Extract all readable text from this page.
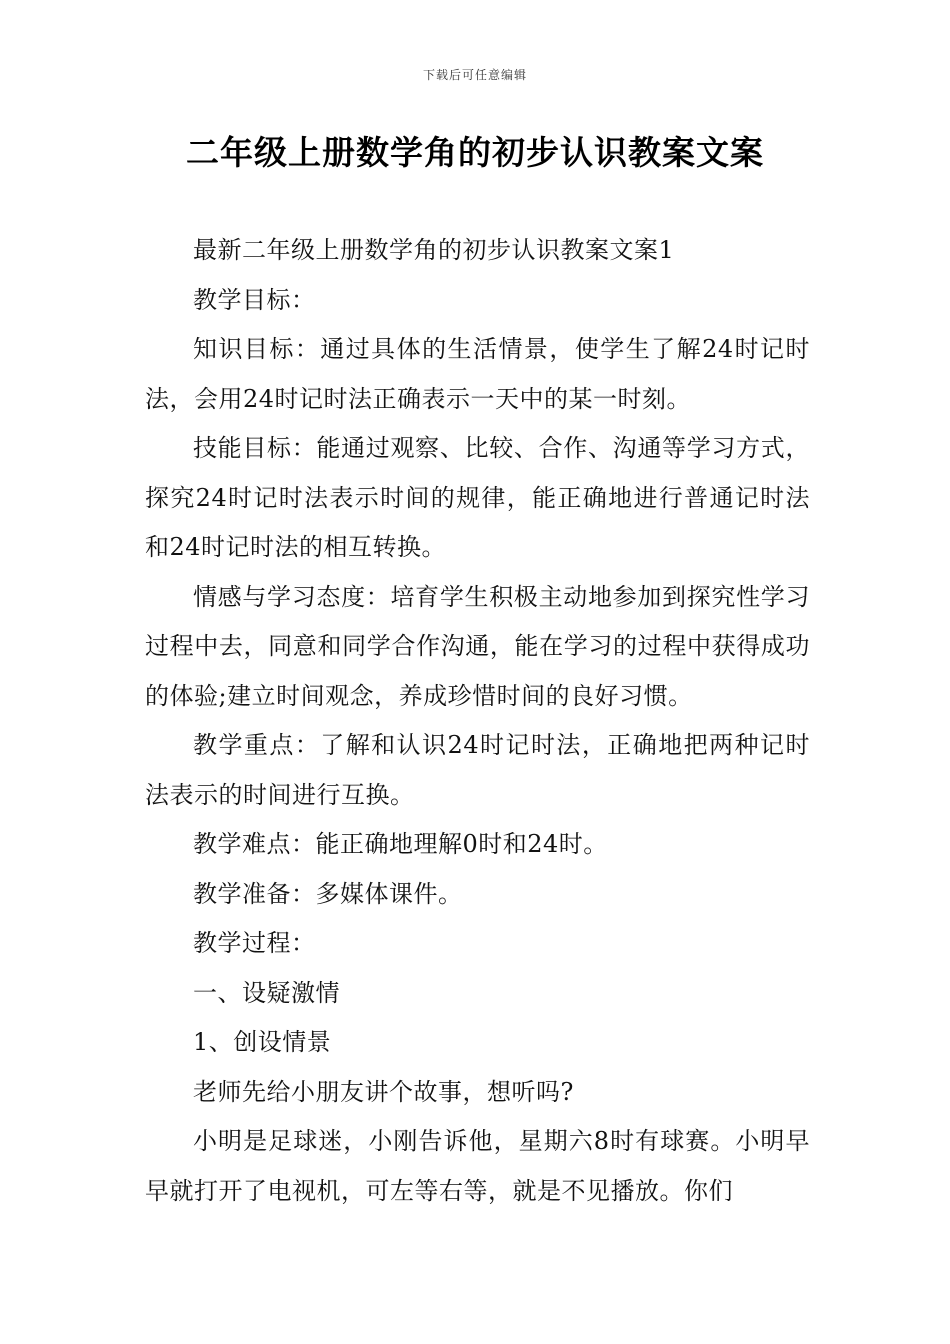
下载后可任意编辑
二年级上册数学角的初步认识教案文案

最新二年级上册数学角的初步认识教案文案1

教学目标：

知识目标：通过具体的生活情景，使学生了解24时记时法，会用24时记时法正确表示一天中的某一时刻。

技能目标：能通过观察、比较、合作、沟通等学习方式，探究24时记时法表示时间的规律，能正确地进行普通记时法和24时记时法的相互转换。

情感与学习态度：培育学生积极主动地参加到探究性学习过程中去，同意和同学合作沟通，能在学习的过程中获得成功的体验;建立时间观念，养成珍惜时间的良好习惯。

教学重点：了解和认识24时记时法，正确地把两种记时法表示的时间进行互换。

教学难点：能正确地理解0时和24时。

教学准备：多媒体课件。

教学过程：

一、设疑激情

1、创设情景

老师先给小朋友讲个故事，想听吗?

小明是足球迷，小刚告诉他，星期六8时有球赛。小明早早就打开了电视机，可左等右等，就是不见播放。你们
